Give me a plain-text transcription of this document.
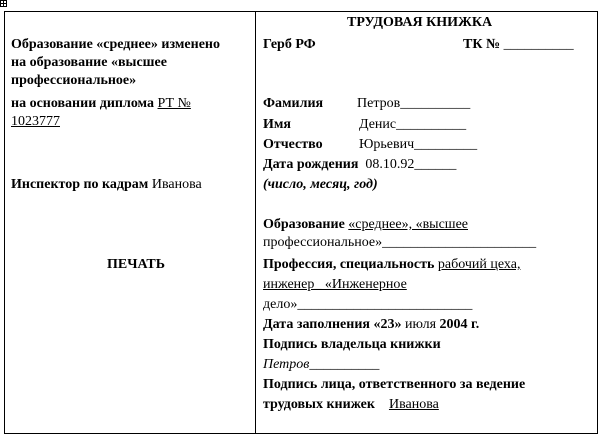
Образование «среднее» изменено
на образование «высшее
профессиональное»
на основании диплома РТ №
1023777
Инспектор по кадрам Иванова
ПЕЧАТЬ
ТРУДОВАЯ КНИЖКА
Герб РФ	ТК № __________
Фамилия Петров__________
Имя	Денис__________
Отчество	Юрьевич_________
Дата рождения 08.10.92______
(число, месяц, год)
Образование «среднее», «высшее
профессиональное»______________________
Профессия, специальность рабочий цеха,
инженер_ «Инженерное
дело»_________________________
Дата заполнения «23» июля 2004 г.
Подпись владельца книжки
Петров__________
Подпись лица, ответственного за ведение
трудовых книжек Иванова
